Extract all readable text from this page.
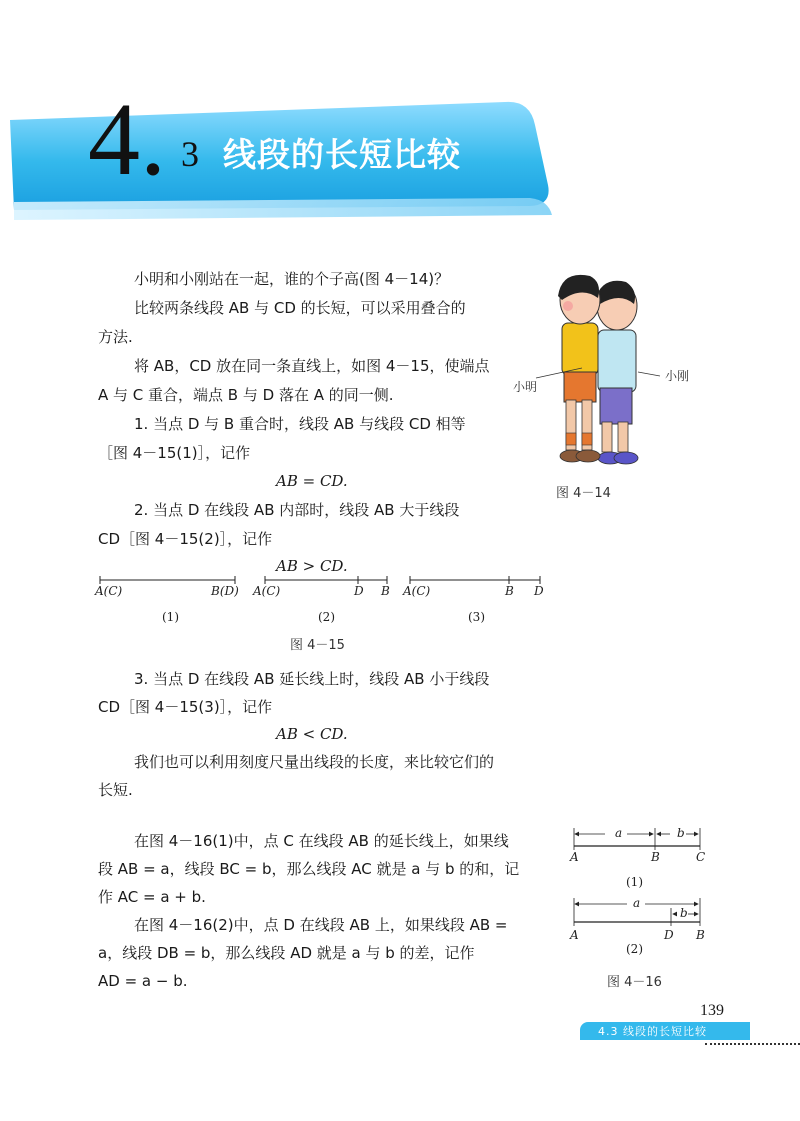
4. 3 线段的长短比较
小明和小刚站在一起，谁的个子高(图 4－14)？
比较两条线段 AB 与 CD 的长短，可以采用叠合的
方法.
将 AB，CD 放在同一条直线上，如图 4－15，使端点
A 与 C 重合，端点 B 与 D 落在 A 的同一侧.
1. 当点 D 与 B 重合时，线段 AB 与线段 CD 相等
［图 4－15(1)］，记作
AB = CD.
2. 当点 D 在线段 AB 内部时，线段 AB 大于线段
CD［图 4－15(2)］，记作
AB > CD.
小明
小刚
图 4－14
A(C)	B(D) A(C)	D B A(C)	B D
(1)	(2)	(3)
图 4－15
3. 当点 D 在线段 AB 延长线上时，线段 AB 小于线段
CD［图 4－15(3)］，记作
AB < CD.
我们也可以利用刻度尺量出线段的长度，来比较它们的
长短.
在图 4－16(1)中，点 C 在线段 AB 的延长线上，如果线
段 AB = a，线段 BC = b，那么线段 AC 就是 a 与 b 的和，记
作 AC = a + b.
在图 4－16(2)中，点 D 在线段 AB 上，如果线段 AB =
a，线段 DB = b，那么线段 AD 就是 a 与 b 的差，记作
AD = a − b.
a	b
A	B	C
(1)
a
b
A	D B
(2)
图 4－16
139
4.3 线段的长短比较
